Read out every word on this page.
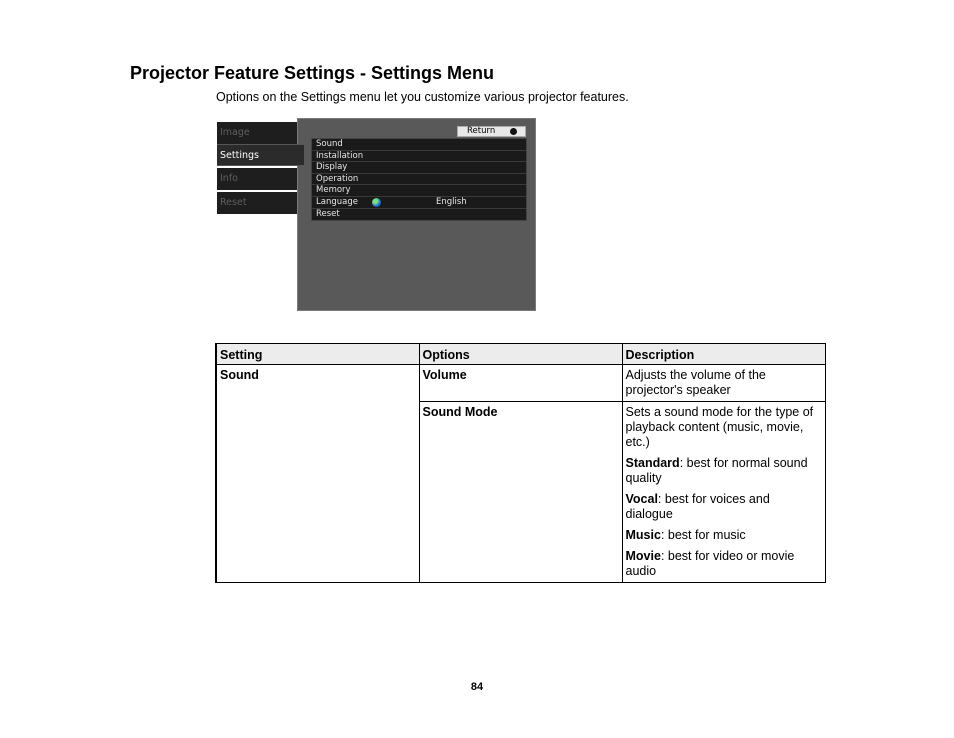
Projector Feature Settings - Settings Menu

Options on the Settings menu let you customize various projector features.

Image
Settings
Info
Reset
Return
Sound
Installation
Display
Operation
Memory
Language	English
Reset
Setting	Options	Description
Sound	Volume	Adjusts the volume of the projector's speaker

	Sound Mode	Sets a sound mode for the type of playback content (music, movie, etc.)

Standard: best for normal sound quality

Vocal: best for voices and dialogue

Music: best for music

Movie: best for video or movie audio

84
